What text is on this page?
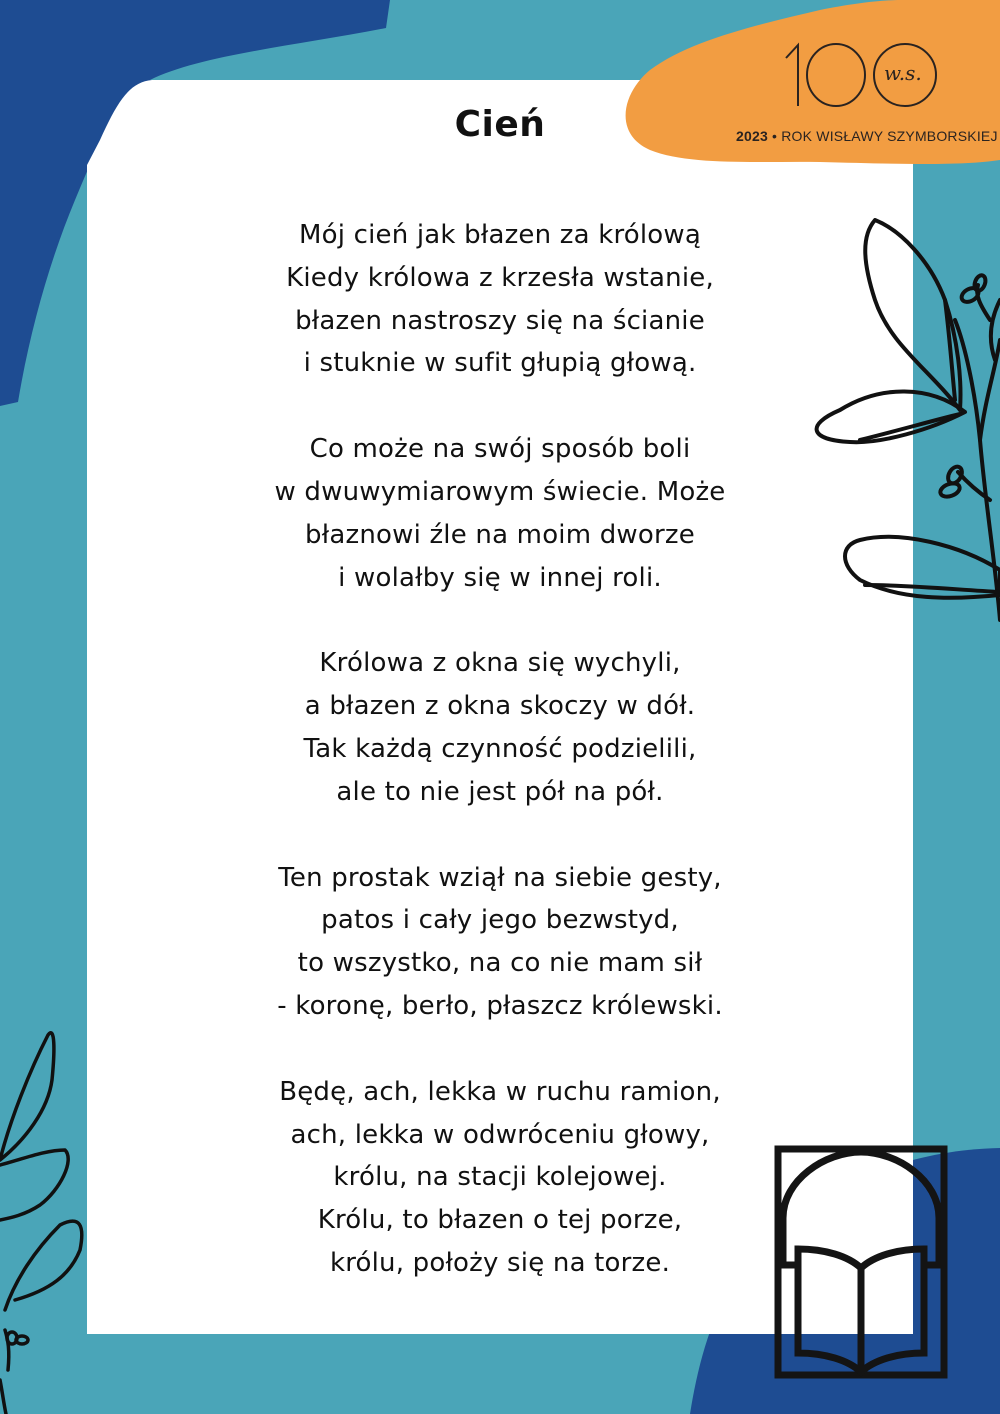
w.s.
2023 • ROK WISŁAWY SZYMBORSKIEJ
Cień
Mój cień jak błazen za królową
Kiedy królowa z krzesła wstanie,
błazen nastroszy się na ścianie
i stuknie w sufit głupią głową.
Co może na swój sposób boli
w dwuwymiarowym świecie. Może
błaznowi źle na moim dworze
i wolałby się w innej roli.
Królowa z okna się wychyli,
a błazen z okna skoczy w dół.
Tak każdą czynność podzielili,
ale to nie jest pół na pół.
Ten prostak wziął na siebie gesty,
patos i cały jego bezwstyd,
to wszystko, na co nie mam sił
- koronę, berło, płaszcz królewski.
Będę, ach, lekka w ruchu ramion,
ach, lekka w odwróceniu głowy,
królu, na stacji kolejowej.
Królu, to błazen o tej porze,
królu, położy się na torze.
